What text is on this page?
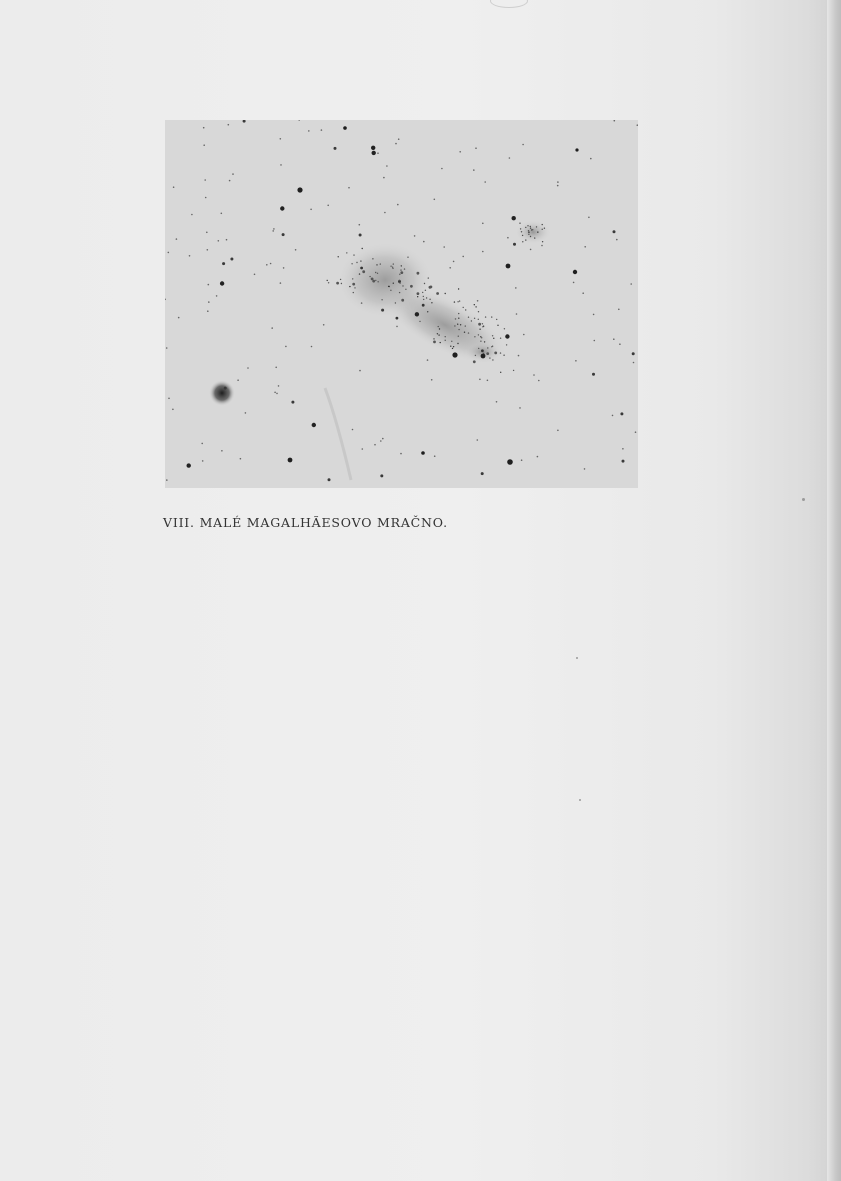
VIII. MALÉ MAGALHÃESOVO MRAČNO.
